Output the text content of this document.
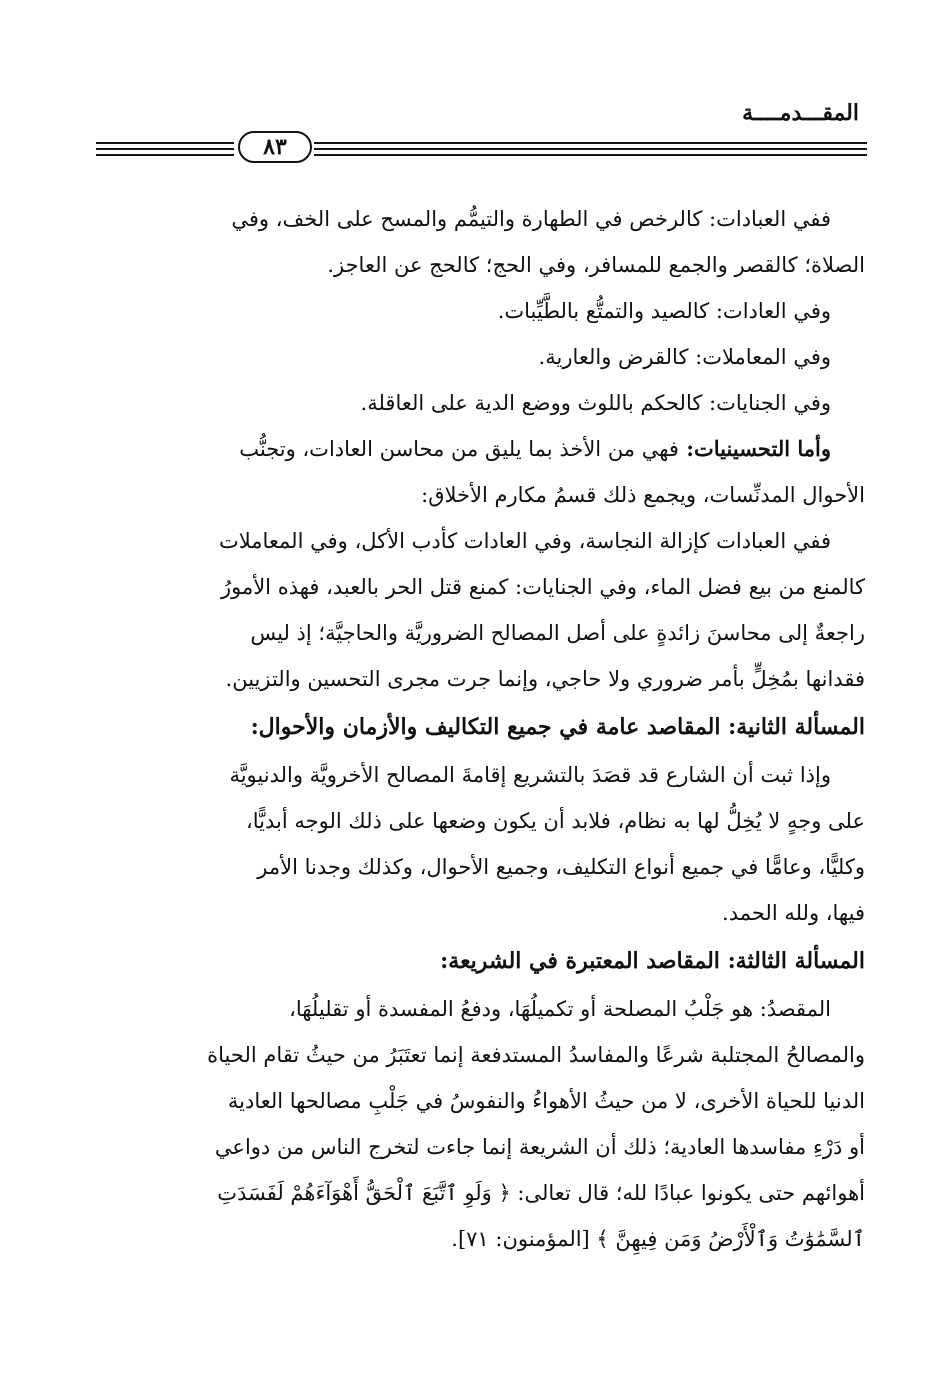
المقـــدمــــة
٨٣
ففي العبادات: كالرخص في الطهارة والتيمُّم والمسح على الخف، وفي
الصلاة؛ كالقصر والجمع للمسافر، وفي الحج؛ كالحج عن العاجز.
وفي العادات: كالصيد والتمتُّع بالطَّيِّبات.
وفي المعاملات: كالقرض والعارية.
وفي الجنايات: كالحكم باللوث ووضع الدية على العاقلة.
وأما التحسينيات: فهي من الأخذ بما يليق من محاسن العادات، وتجنُّب
الأحوال المدنِّسات، ويجمع ذلك قسمُ مكارم الأخلاق:
ففي العبادات كإزالة النجاسة، وفي العادات كأدب الأكل، وفي المعاملات
كالمنع من بيع فضل الماء، وفي الجنايات: كمنع قتل الحر بالعبد، فهذه الأمورُ
راجعةٌ إلى محاسنَ زائدةٍ على أصل المصالح الضروريَّة والحاجيَّة؛ إذ ليس
فقدانها بمُخِلٍّ بأمر ضروري ولا حاجي، وإنما جرت مجرى التحسين والتزيين.
المسألة الثانية: المقاصد عامة في جميع التكاليف والأزمان والأحوال:
وإذا ثبت أن الشارع قد قصَدَ بالتشريع إقامةَ المصالح الأخرويَّة والدنيويَّة
على وجهٍ لا يُخِلُّ لها به نظام، فلابد أن يكون وضعها على ذلك الوجه أبديًّا،
وكليًّا، وعامًّا في جميع أنواع التكليف، وجميع الأحوال، وكذلك وجدنا الأمر
فيها، ولله الحمد.
المسألة الثالثة: المقاصد المعتبرة في الشريعة:
المقصدُ: هو جَلْبُ المصلحة أو تكميلُهَا، ودفعُ المفسدة أو تقليلُهَا،
والمصالحُ المجتلبة شرعًا والمفاسدُ المستدفعة إنما تعتَبَرُ من حيثُ تقام الحياة
الدنيا للحياة الأخرى، لا من حيثُ الأهواءُ والنفوسُ في جَلْبِ مصالحها العادية
أو دَرْءِ مفاسدها العادية؛ ذلك أن الشريعة إنما جاءت لتخرج الناس من دواعي
أهوائهم حتى يكونوا عبادًا لله؛ قال تعالى: ﴿ وَلَوِ ٱتَّبَعَ ٱلْحَقُّ أَهْوَآءَهُمْ لَفَسَدَتِ
ٱلسَّمَٰوَٰتُ وَٱلْأَرْضُ وَمَن فِيهِنَّ ﴾ [المؤمنون: ٧١].
